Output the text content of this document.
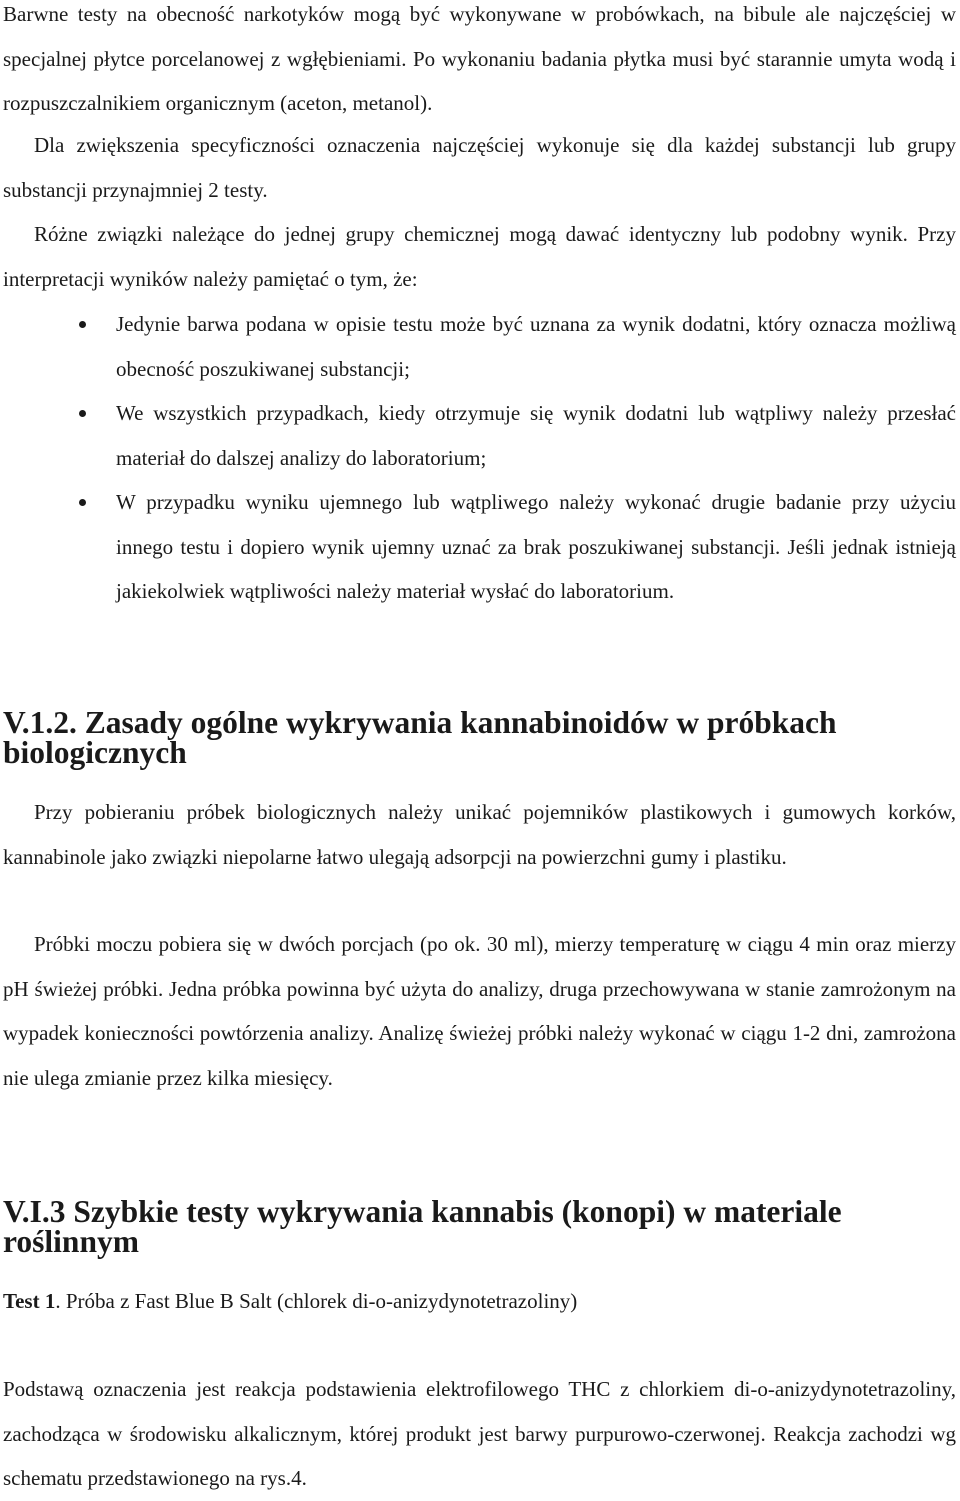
Barwne testy na obecność narkotyków mogą być wykonywane w probówkach, na bibule ale najczęściej w specjalnej płytce porcelanowej z wgłębieniami. Po wykonaniu badania płytka musi być starannie umyta wodą i rozpuszczalnikiem organicznym (aceton, metanol).

Dla zwiększenia specyficzności oznaczenia najczęściej wykonuje się dla każdej substancji lub grupy substancji przynajmniej 2 testy.

Różne związki należące do jednej grupy chemicznej mogą dawać identyczny lub podobny wynik. Przy interpretacji wyników należy pamiętać o tym, że:

Jedynie barwa podana w opisie testu może być uznana za wynik dodatni, który oznacza możliwą obecność poszukiwanej substancji;
We wszystkich przypadkach, kiedy otrzymuje się wynik dodatni lub wątpliwy należy przesłać materiał do dalszej analizy do laboratorium;
W przypadku wyniku ujemnego lub wątpliwego należy wykonać drugie badanie przy użyciu innego testu i dopiero wynik ujemny uznać za brak poszukiwanej substancji. Jeśli jednak istnieją jakiekolwiek wątpliwości należy materiał wysłać do laboratorium.
V.1.2. Zasady ogólne wykrywania kannabinoidów w próbkach biologicznych

Przy pobieraniu próbek biologicznych należy unikać pojemników plastikowych i gumowych korków, kannabinole jako związki niepolarne łatwo ulegają adsorpcji na powierzchni gumy i plastiku.

Próbki moczu pobiera się w dwóch porcjach (po ok. 30 ml), mierzy temperaturę w ciągu 4 min oraz mierzy pH świeżej próbki. Jedna próbka powinna być użyta do analizy, druga przechowywana w stanie zamrożonym na wypadek konieczności powtórzenia analizy. Analizę świeżej próbki należy wykonać w ciągu 1-2 dni, zamrożona nie ulega zmianie przez kilka miesięcy.

V.I.3 Szybkie testy wykrywania kannabis (konopi) w materiale roślinnym

Test 1. Próba z Fast Blue B Salt (chlorek di-o-anizydynotetrazoliny)

Podstawą oznaczenia jest reakcja podstawienia elektrofilowego THC z chlorkiem di-o-anizydynotetrazoliny, zachodząca w środowisku alkalicznym, której produkt jest barwy purpurowo-czerwonej. Reakcja zachodzi wg schematu przedstawionego na rys.4.
